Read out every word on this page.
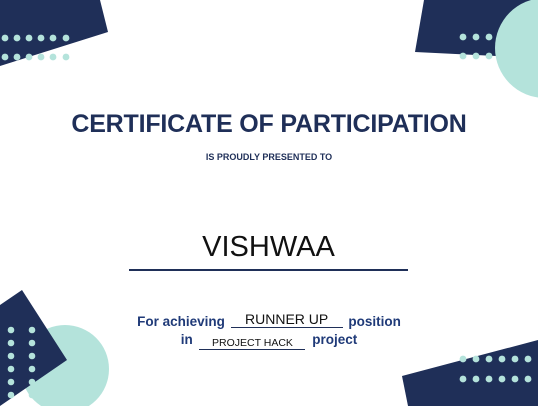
CERTIFICATE OF PARTICIPATION
IS PROUDLY PRESENTED TO
VISHWAA
For achieving RUNNER UP position
in PROJECT HACK project
